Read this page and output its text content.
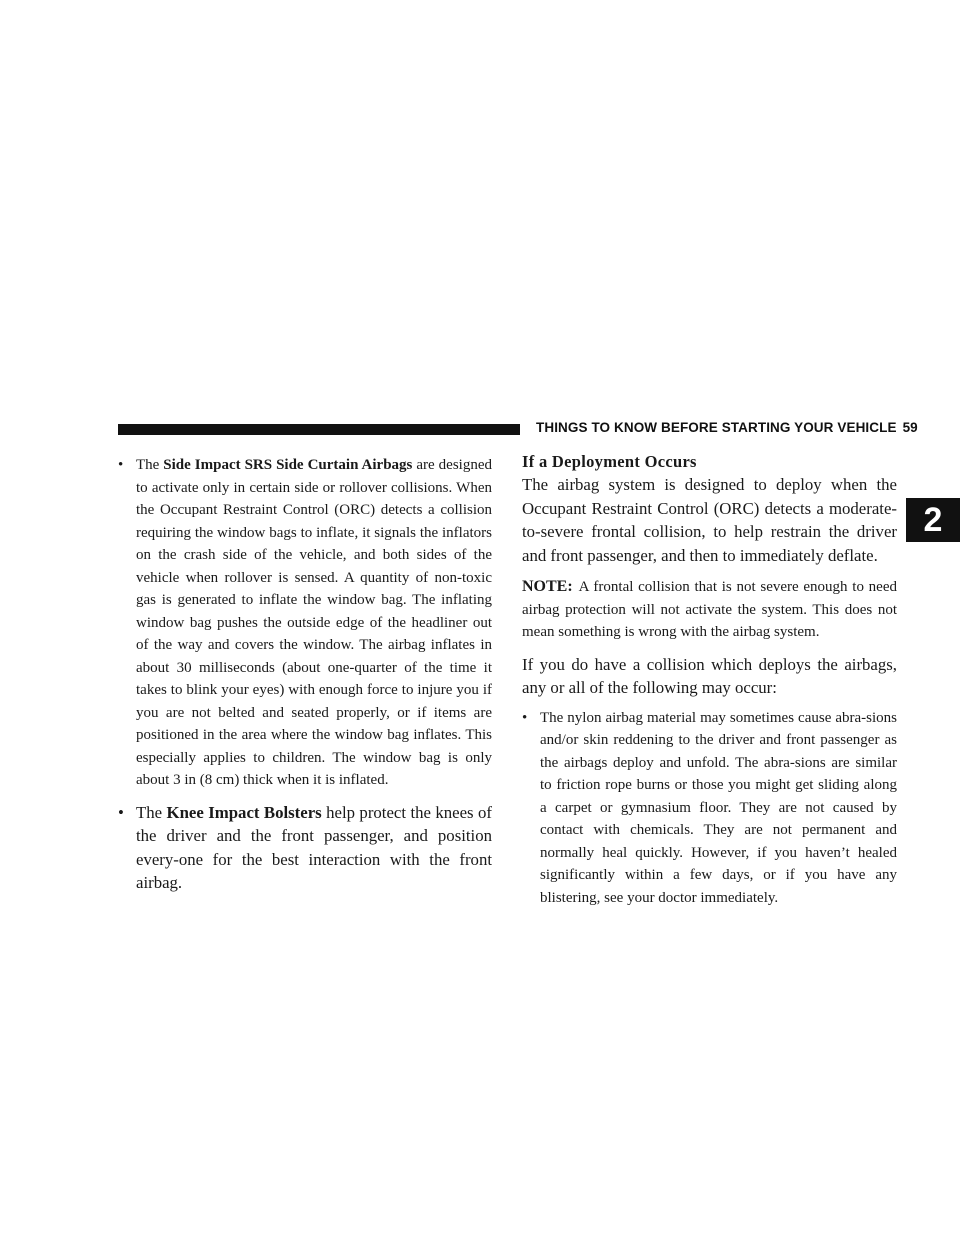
THINGS TO KNOW BEFORE STARTING YOUR VEHICLE 59
2
• The Side Impact SRS Side Curtain Airbags are designed to activate only in certain side or rollover collisions. When the Occupant Restraint Control (ORC) detects a collision requiring the window bags to inflate, it signals the inflators on the crash side of the vehicle, and both sides of the vehicle when rollover is sensed. A quantity of non-toxic gas is generated to inflate the window bag. The inflating window bag pushes the outside edge of the headliner out of the way and covers the window. The airbag inflates in about 30 milliseconds (about one-quarter of the time it takes to blink your eyes) with enough force to injure you if you are not belted and seated properly, or if items are positioned in the area where the window bag inflates. This especially applies to children. The window bag is only about 3 in (8 cm) thick when it is inflated.
• The Knee Impact Bolsters help protect the knees of the driver and the front passenger, and position every-one for the best interaction with the front airbag.
If a Deployment Occurs
The airbag system is designed to deploy when the Occupant Restraint Control (ORC) detects a moderate-to-severe frontal collision, to help restrain the driver and front passenger, and then to immediately deflate.
NOTE: A frontal collision that is not severe enough to need airbag protection will not activate the system. This does not mean something is wrong with the airbag system.
If you do have a collision which deploys the airbags, any or all of the following may occur:
• The nylon airbag material may sometimes cause abra-sions and/or skin reddening to the driver and front passenger as the airbags deploy and unfold. The abra-sions are similar to friction rope burns or those you might get sliding along a carpet or gymnasium floor. They are not caused by contact with chemicals. They are not permanent and normally heal quickly. However, if you haven’t healed significantly within a few days, or if you have any blistering, see your doctor immediately.
